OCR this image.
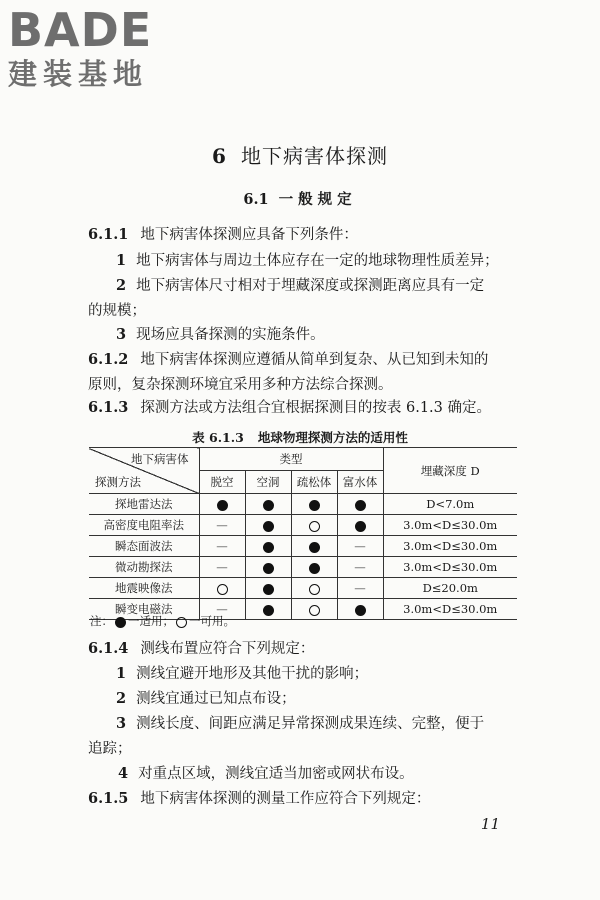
BADE
建装基地
6 地下病害体探测
6.1 一般规定
6.1.1 地下病害体探测应具备下列条件：
1 地下病害体与周边土体应存在一定的地球物理性质差异；
2 地下病害体尺寸相对于埋藏深度或探测距离应具有一定
的规模；
3 现场应具备探测的实施条件。
6.1.2 地下病害体探测应遵循从简单到复杂、从已知到未知的
原则，复杂探测环境宜采用多种方法综合探测。
6.1.3 探测方法或方法组合宜根据探测目的按表 6.1.3 确定。
表 6.1.3 地球物理探测方法的适用性
地下病害体
探测方法	类型				埋藏深度 D
	脱空	空洞	疏松体	富水体	
探地雷达法					D<7.0m
高密度电阻率法	—				3.0m<D≤30.0m
瞬态面波法	—			—	3.0m<D≤30.0m
微动勘探法	—			—	3.0m<D≤30.0m
地震映像法				—	D≤20.0m
瞬变电磁法	—				3.0m<D≤30.0m
注： 一适用； 一可用。
6.1.4 测线布置应符合下列规定：
1 测线宜避开地形及其他干扰的影响；
2 测线宜通过已知点布设；
3 测线长度、间距应满足异常探测成果连续、完整，便于
追踪；
4 对重点区域，测线宜适当加密或网状布设。
6.1.5 地下病害体探测的测量工作应符合下列规定：
11
